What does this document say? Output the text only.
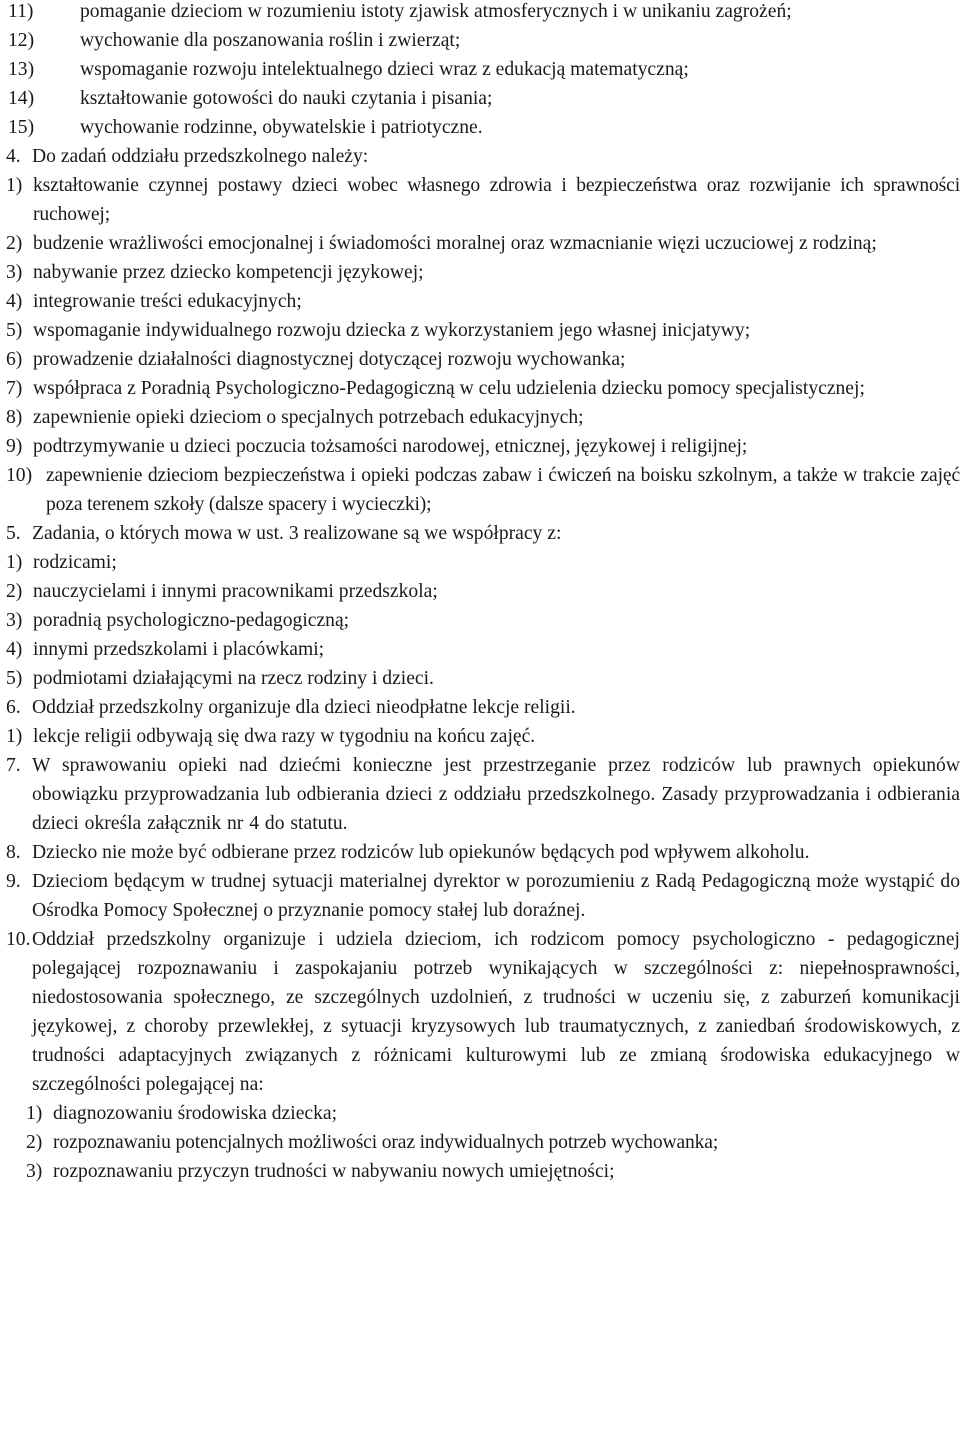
11)	pomaganie dzieciom w rozumieniu istoty zjawisk atmosferycznych i w unikaniu zagrożeń;
12)	wychowanie dla poszanowania roślin i zwierząt;
13)	wspomaganie rozwoju intelektualnego dzieci wraz z edukacją matematyczną;
14)	kształtowanie gotowości do nauki czytania i pisania;
15)	wychowanie rodzinne, obywatelskie i patriotyczne.
4. Do zadań oddziału przedszkolnego należy:
1) kształtowanie czynnej postawy dzieci wobec własnego zdrowia i bezpieczeństwa oraz rozwijanie ich sprawności ruchowej;
2) budzenie wrażliwości emocjonalnej i świadomości moralnej oraz wzmacnianie więzi uczuciowej z rodziną;
3) nabywanie przez dziecko kompetencji językowej;
4) integrowanie treści edukacyjnych;
5) wspomaganie indywidualnego rozwoju dziecka z wykorzystaniem jego własnej inicjatywy;
6) prowadzenie działalności diagnostycznej dotyczącej rozwoju wychowanka;
7) współpraca z Poradnią Psychologiczno-Pedagogiczną w celu udzielenia dziecku pomocy specjalistycznej;
8) zapewnienie opieki dzieciom o specjalnych potrzebach edukacyjnych;
9) podtrzymywanie u dzieci poczucia tożsamości narodowej, etnicznej, językowej i religijnej;
10) zapewnienie dzieciom bezpieczeństwa i opieki podczas zabaw i ćwiczeń na boisku szkolnym, a także w trakcie zajęć poza terenem szkoły (dalsze spacery i wycieczki);
5. Zadania, o których mowa w ust. 3 realizowane są we współpracy z:
1) rodzicami;
2) nauczycielami i innymi pracownikami przedszkola;
3) poradnią psychologiczno-pedagogiczną;
4) innymi przedszkolami i placówkami;
5) podmiotami działającymi na rzecz rodziny i dzieci.
6. Oddział przedszkolny organizuje dla dzieci nieodpłatne lekcje religii.
1) lekcje religii odbywają się dwa razy w tygodniu na końcu zajęć.
7. W sprawowaniu opieki nad dziećmi konieczne jest przestrzeganie przez rodziców lub prawnych opiekunów obowiązku przyprowadzania lub odbierania dzieci z oddziału przedszkolnego. Zasady przyprowadzania i odbierania dzieci określa załącznik nr 4 do statutu.
8. Dziecko nie może być odbierane przez rodziców lub opiekunów będących pod wpływem alkoholu.
9. Dzieciom będącym w trudnej sytuacji materialnej dyrektor w porozumieniu z Radą Pedagogiczną może wystąpić do Ośrodka Pomocy Społecznej o przyznanie pomocy stałej lub doraźnej.
10. Oddział przedszkolny organizuje i udziela dzieciom, ich rodzicom pomocy psychologiczno - pedagogicznej polegającej rozpoznawaniu i zaspokajaniu potrzeb wynikających w szczególności z: niepełnosprawności, niedostosowania społecznego, ze szczególnych uzdolnień, z trudności w uczeniu się, z zaburzeń komunikacji językowej, z choroby przewlekłej, z sytuacji kryzysowych lub traumatycznych, z zaniedbań środowiskowych, z trudności adaptacyjnych związanych z różnicami kulturowymi lub ze zmianą środowiska edukacyjnego w szczególności polegającej na:
1) diagnozowaniu środowiska dziecka;
2) rozpoznawaniu potencjalnych możliwości oraz indywidualnych potrzeb wychowanka;
3) rozpoznawaniu przyczyn trudności w nabywaniu nowych umiejętności;
